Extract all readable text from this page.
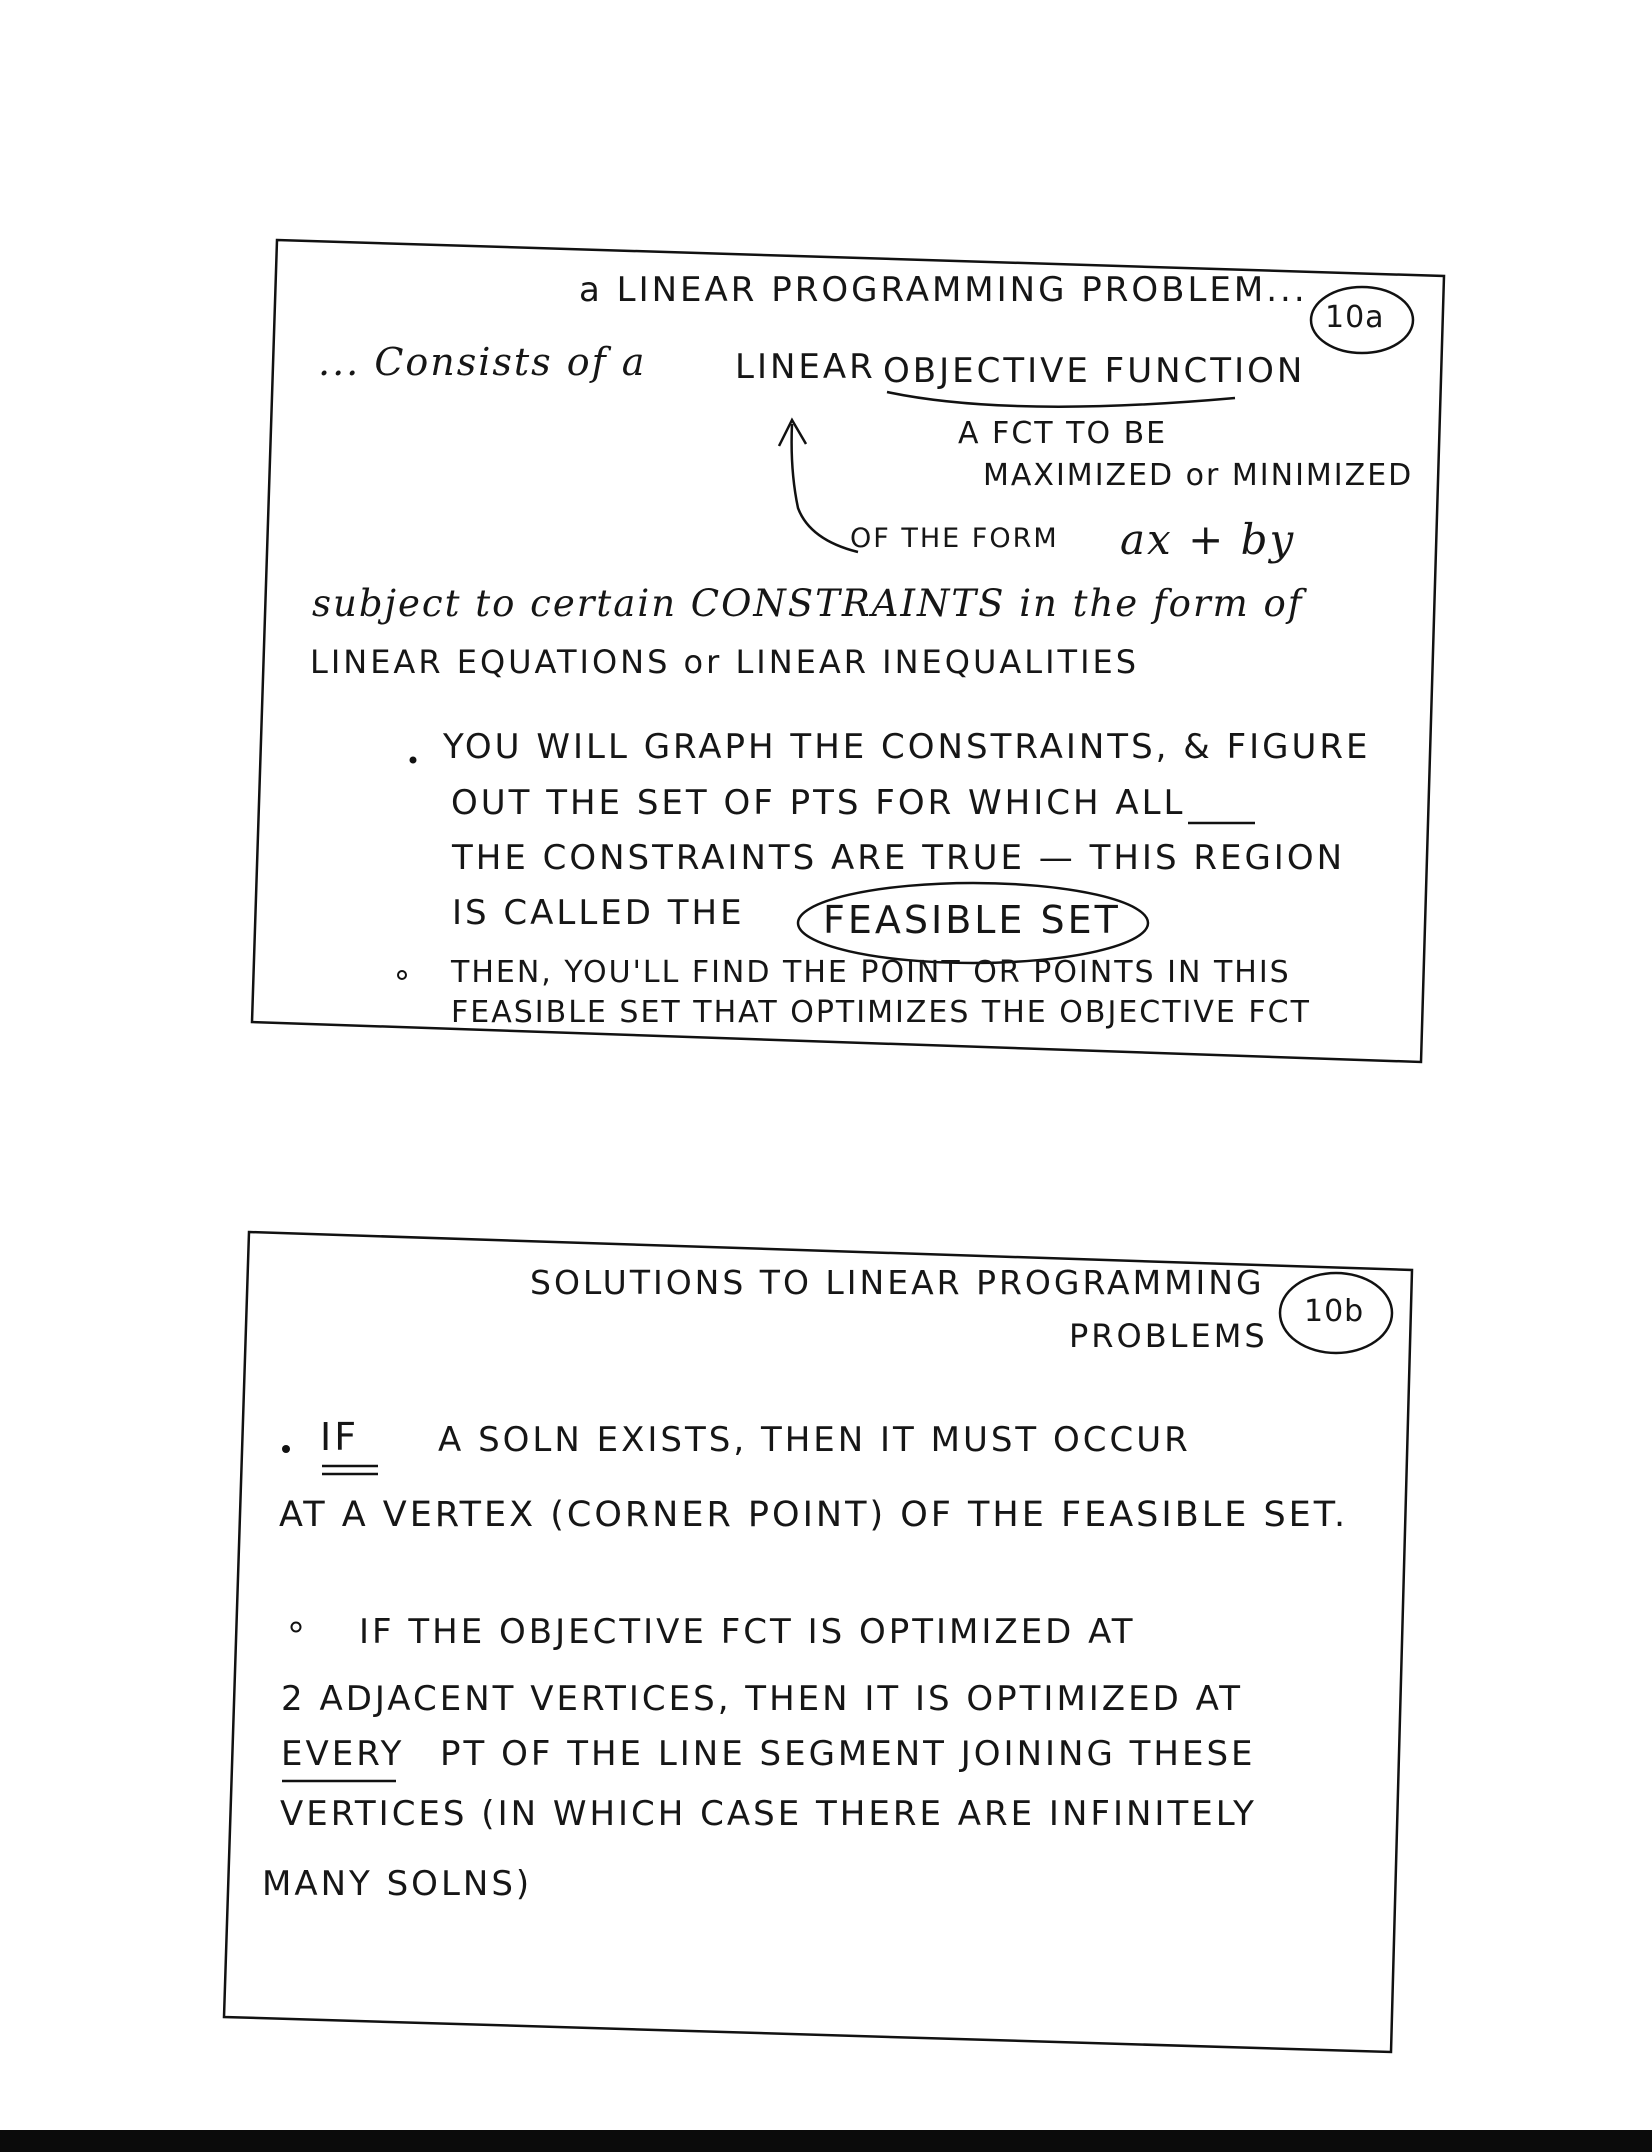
a LINEAR PROGRAMMING PROBLEM...
10a
... Consists of a	LINEAR OBJECTIVE FUNCTION
A FCT TO BE
MAXIMIZED or MINIMIZED
OF THE FORM ax + by
subject to certain CONSTRAINTS in the form of
LINEAR EQUATIONS or LINEAR INEQUALITIES
YOU WILL GRAPH THE CONSTRAINTS, & FIGURE
OUT THE SET OF PTS FOR WHICH ALL
THE CONSTRAINTS ARE TRUE — THIS REGION
IS CALLED THE FEASIBLE SET
THEN, YOU'LL FIND THE POINT OR POINTS IN THIS
FEASIBLE SET THAT OPTIMIZES THE OBJECTIVE FCT
SOLUTIONS TO LINEAR PROGRAMMING
PROBLEMS
10b
IF A SOLN EXISTS, THEN IT MUST OCCUR
AT A VERTEX (CORNER POINT) OF THE FEASIBLE SET.
IF THE OBJECTIVE FCT IS OPTIMIZED AT
2 ADJACENT VERTICES, THEN IT IS OPTIMIZED AT
EVERY PT OF THE LINE SEGMENT JOINING THESE
VERTICES (IN WHICH CASE THERE ARE INFINITELY
MANY SOLNS)
